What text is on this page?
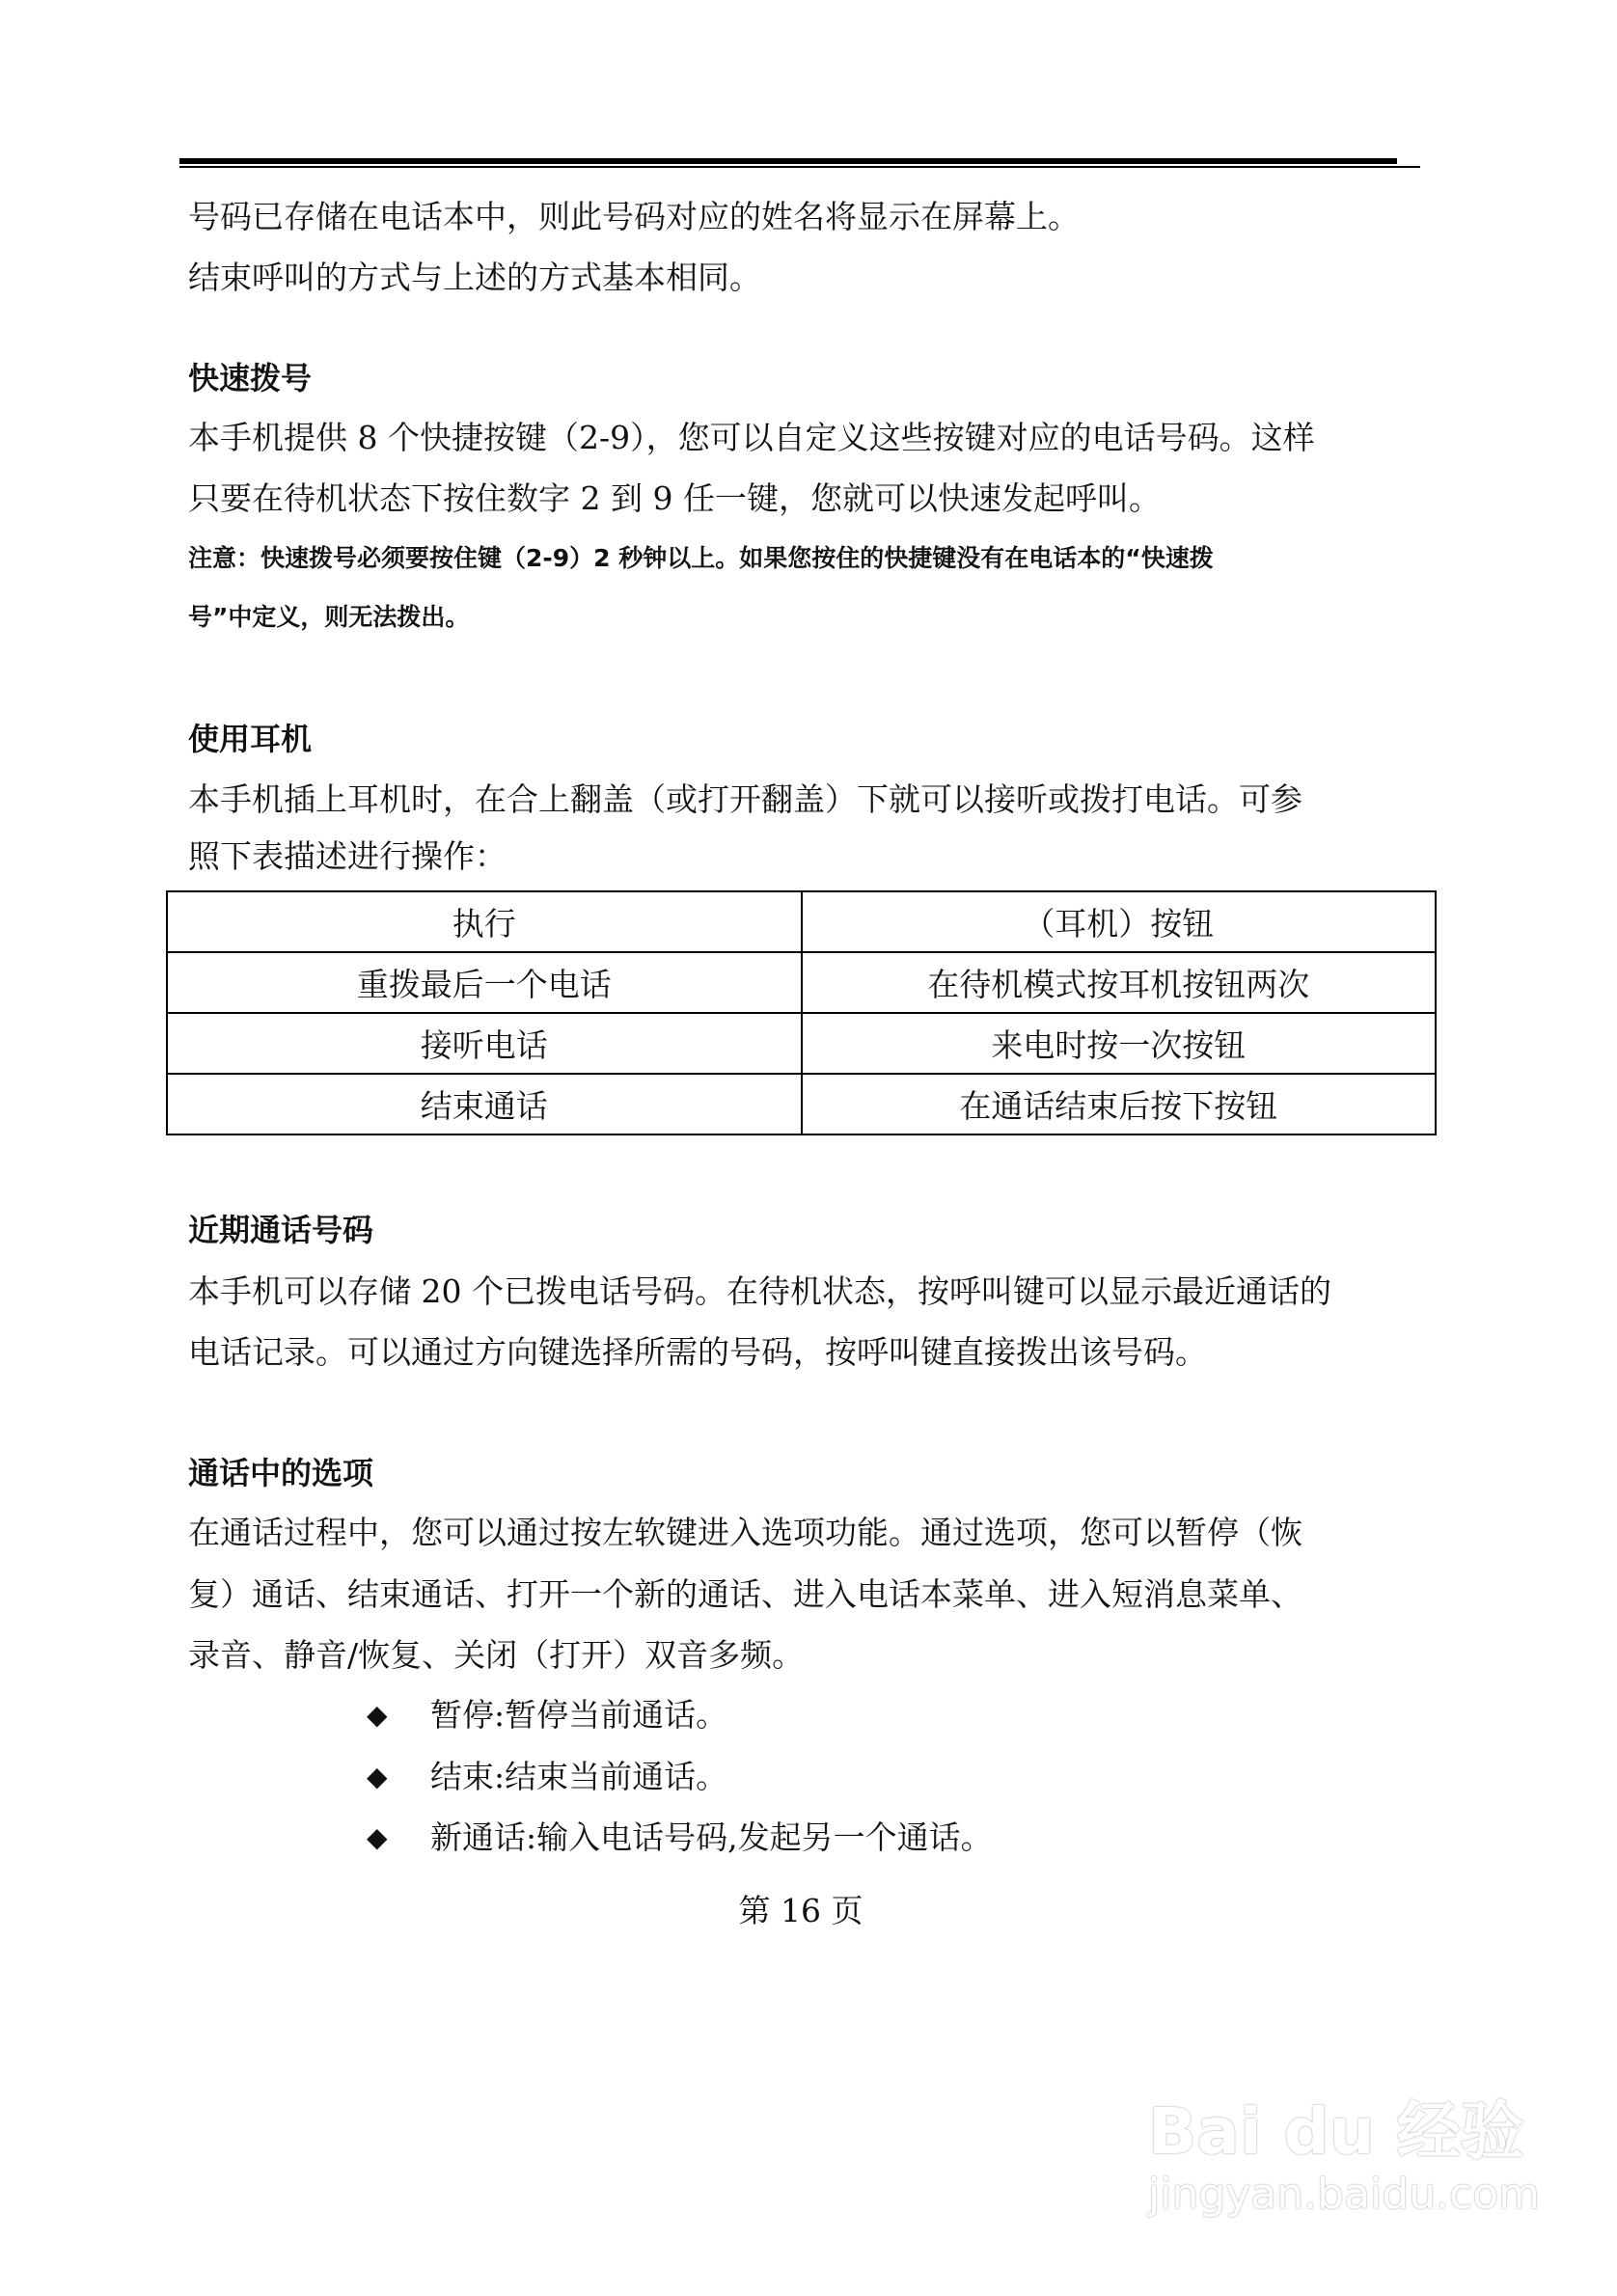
号码已存储在电话本中，则此号码对应的姓名将显示在屏幕上。
结束呼叫的方式与上述的方式基本相同。
快速拨号
本手机提供 8 个快捷按键（2-9），您可以自定义这些按键对应的电话号码。这样
只要在待机状态下按住数字 2 到 9 任一键，您就可以快速发起呼叫。
注意：快速拨号必须要按住键（2-9）2 秒钟以上。如果您按住的快捷键没有在电话本的“快速拨
号”中定义，则无法拨出。
使用耳机
本手机插上耳机时，在合上翻盖（或打开翻盖）下就可以接听或拨打电话。可参
照下表描述进行操作：
执行	（耳机）按钮
重拨最后一个电话	在待机模式按耳机按钮两次
接听电话	来电时按一次按钮
结束通话	在通话结束后按下按钮
近期通话号码
本手机可以存储 20 个已拨电话号码。在待机状态，按呼叫键可以显示最近通话的
电话记录。可以通过方向键选择所需的号码，按呼叫键直接拨出该号码。
通话中的选项
在通话过程中，您可以通过按左软键进入选项功能。通过选项，您可以暂停（恢
复）通话、结束通话、打开一个新的通话、进入电话本菜单、进入短消息菜单、
录音、静音/恢复、关闭（打开）双音多频。
◆ 暂停:暂停当前通话。
◆ 结束:结束当前通话。
◆ 新通话:输入电话号码,发起另一个通话。
第 16 页
Bai du 经验
jingyan.baidu.com
